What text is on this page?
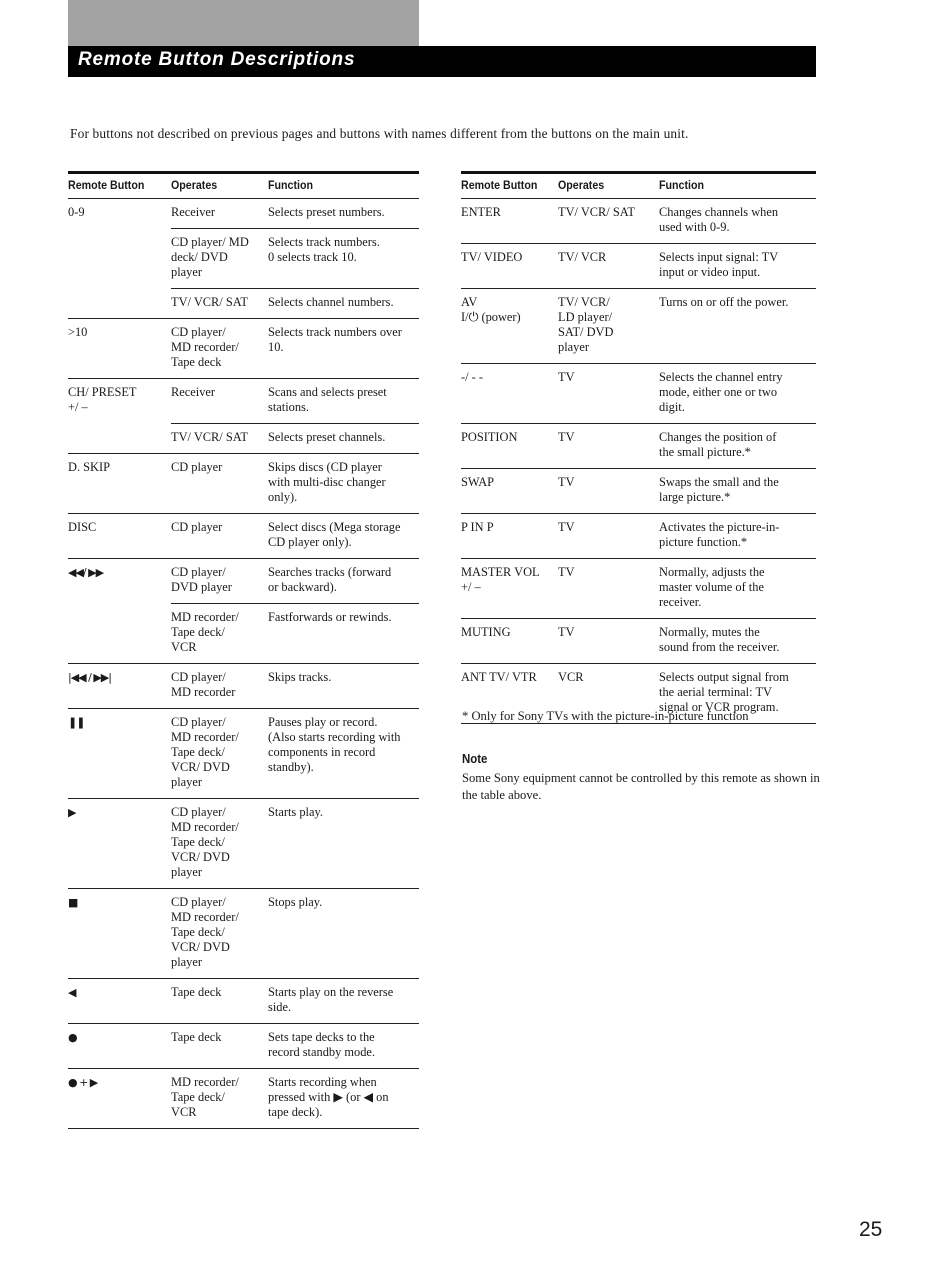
Remote Button Descriptions
For buttons not described on previous pages and buttons with names different from the buttons on the main unit.
Remote Button	Operates	Function
0-9	Receiver	Selects preset numbers.
	CD player/ MD
deck/ DVD
player	Selects track numbers.
0 selects track 10.
	TV/ VCR/ SAT	Selects channel numbers.
>10	CD player/
MD recorder/
Tape deck	Selects track numbers over
10.
CH/ PRESET
+/ –	Receiver	Scans and selects preset
stations.
	TV/ VCR/ SAT	Selects preset channels.
D. SKIP	CD player	Skips discs (CD player
with multi-disc changer
only).
DISC	CD player	Select discs (Mega storage
CD player only).
◀◀/ ▶▶	CD player/
DVD player	Searches tracks (forward
or backward).
	MD recorder/
Tape deck/
VCR	Fastforwards or rewinds.
|◀◀ / ▶▶|	CD player/
MD recorder	Skips tracks.
❚❚	CD player/
MD recorder/
Tape deck/
VCR/ DVD
player	Pauses play or record.
(Also starts recording with
components in record
standby).
▶	CD player/
MD recorder/
Tape deck/
VCR/ DVD
player	Starts play.
■	CD player/
MD recorder/
Tape deck/
VCR/ DVD
player	Stops play.
◀	Tape deck	Starts play on the reverse
side.
●	Tape deck	Sets tape decks to the
record standby mode.
● + ▶	MD recorder/
Tape deck/
VCR	Starts recording when
pressed with ▶ (or ◀ on
tape deck).
Remote Button	Operates	Function
ENTER	TV/ VCR/ SAT	Changes channels when
used with 0-9.
TV/ VIDEO	TV/ VCR	Selects input signal: TV
input or video input.
AV
I/⏻ (power)	TV/ VCR/
LD player/
SAT/ DVD
player	Turns on or off the power.
-/ - -	TV	Selects the channel entry
mode, either one or two
digit.
POSITION	TV	Changes the position of
the small picture.*
SWAP	TV	Swaps the small and the
large picture.*
P IN P	TV	Activates the picture-in-
picture function.*
MASTER VOL
+/ –	TV	Normally, adjusts the
master volume of the
receiver.
MUTING	TV	Normally, mutes the
sound from the receiver.
ANT TV/ VTR	VCR	Selects output signal from
the aerial terminal: TV
signal or VCR program.
* Only for Sony TVs with the picture-in-picture function
Note
Some Sony equipment cannot be controlled by this remote as shown in the table above.
25
